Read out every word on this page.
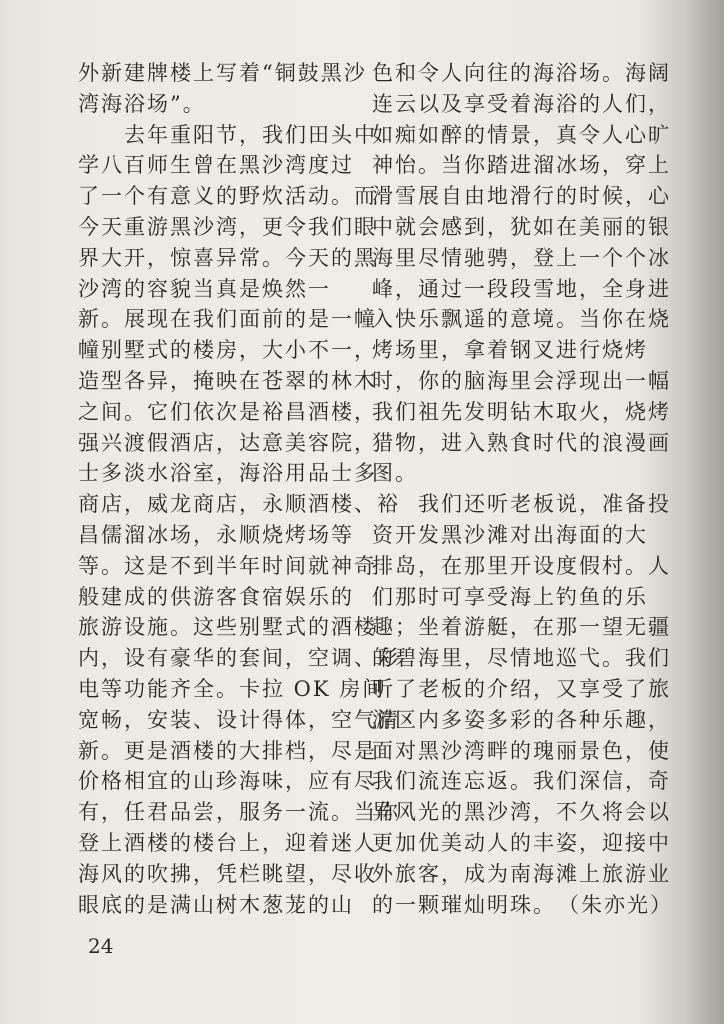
外新建牌楼上写着“铜鼓黑沙
湾海浴场”。
　　去年重阳节，我们田头中
学八百师生曾在黑沙湾度过
了一个有意义的野炊活动。而
今天重游黑沙湾，更令我们眼
界大开，惊喜异常。今天的黑
沙湾的容貌当真是焕然一
新。展现在我们面前的是一幢
幢别墅式的楼房，大小不一，
造型各异，掩映在苍翠的林木
之间。它们依次是裕昌酒楼，
强兴渡假酒店，达意美容院，
士多淡水浴室，海浴用品士多
商店，威龙商店，永顺酒楼、裕
昌儒溜冰场，永顺烧烤场等
等。这是不到半年时间就神奇
般建成的供游客食宿娱乐的
旅游设施。这些别墅式的酒楼
内，设有豪华的套间，空调、彩
电等功能齐全。卡拉 OK 房间
宽畅，安装、设计得体，空气清
新。更是酒楼的大排档，尽是
价格相宜的山珍海味，应有尽
有，任君品尝，服务一流。当你
登上酒楼的楼台上，迎着迷人
海风的吹拂，凭栏眺望，尽收
眼底的是满山树木葱茏的山
色和令人向往的海浴场。海阔
连云以及享受着海浴的人们，
如痴如醉的情景，真令人心旷
神怡。当你踏进溜冰场，穿上
滑雪展自由地滑行的时候，心
中就会感到，犹如在美丽的银
海里尽情驰骋，登上一个个冰
峰，通过一段段雪地，全身进
入快乐飘遥的意境。当你在烧
烤场里，拿着钢叉进行烧烤
时，你的脑海里会浮现出一幅
我们祖先发明钻木取火，烧烤
猎物，进入熟食时代的浪漫画
图。
　　我们还听老板说，准备投
资开发黑沙滩对出海面的大
排岛，在那里开设度假村。人
们那时可享受海上钓鱼的乐
趣；坐着游艇，在那一望无疆
的碧海里，尽情地巡弋。我们
听了老板的介绍，又享受了旅
游区内多姿多彩的各种乐趣，
面对黑沙湾畔的瑰丽景色，使
我们流连忘返。我们深信，奇
异风光的黑沙湾，不久将会以
更加优美动人的丰姿，迎接中
外旅客，成为南海滩上旅游业
的一颗璀灿明珠。　（朱亦光）
24
